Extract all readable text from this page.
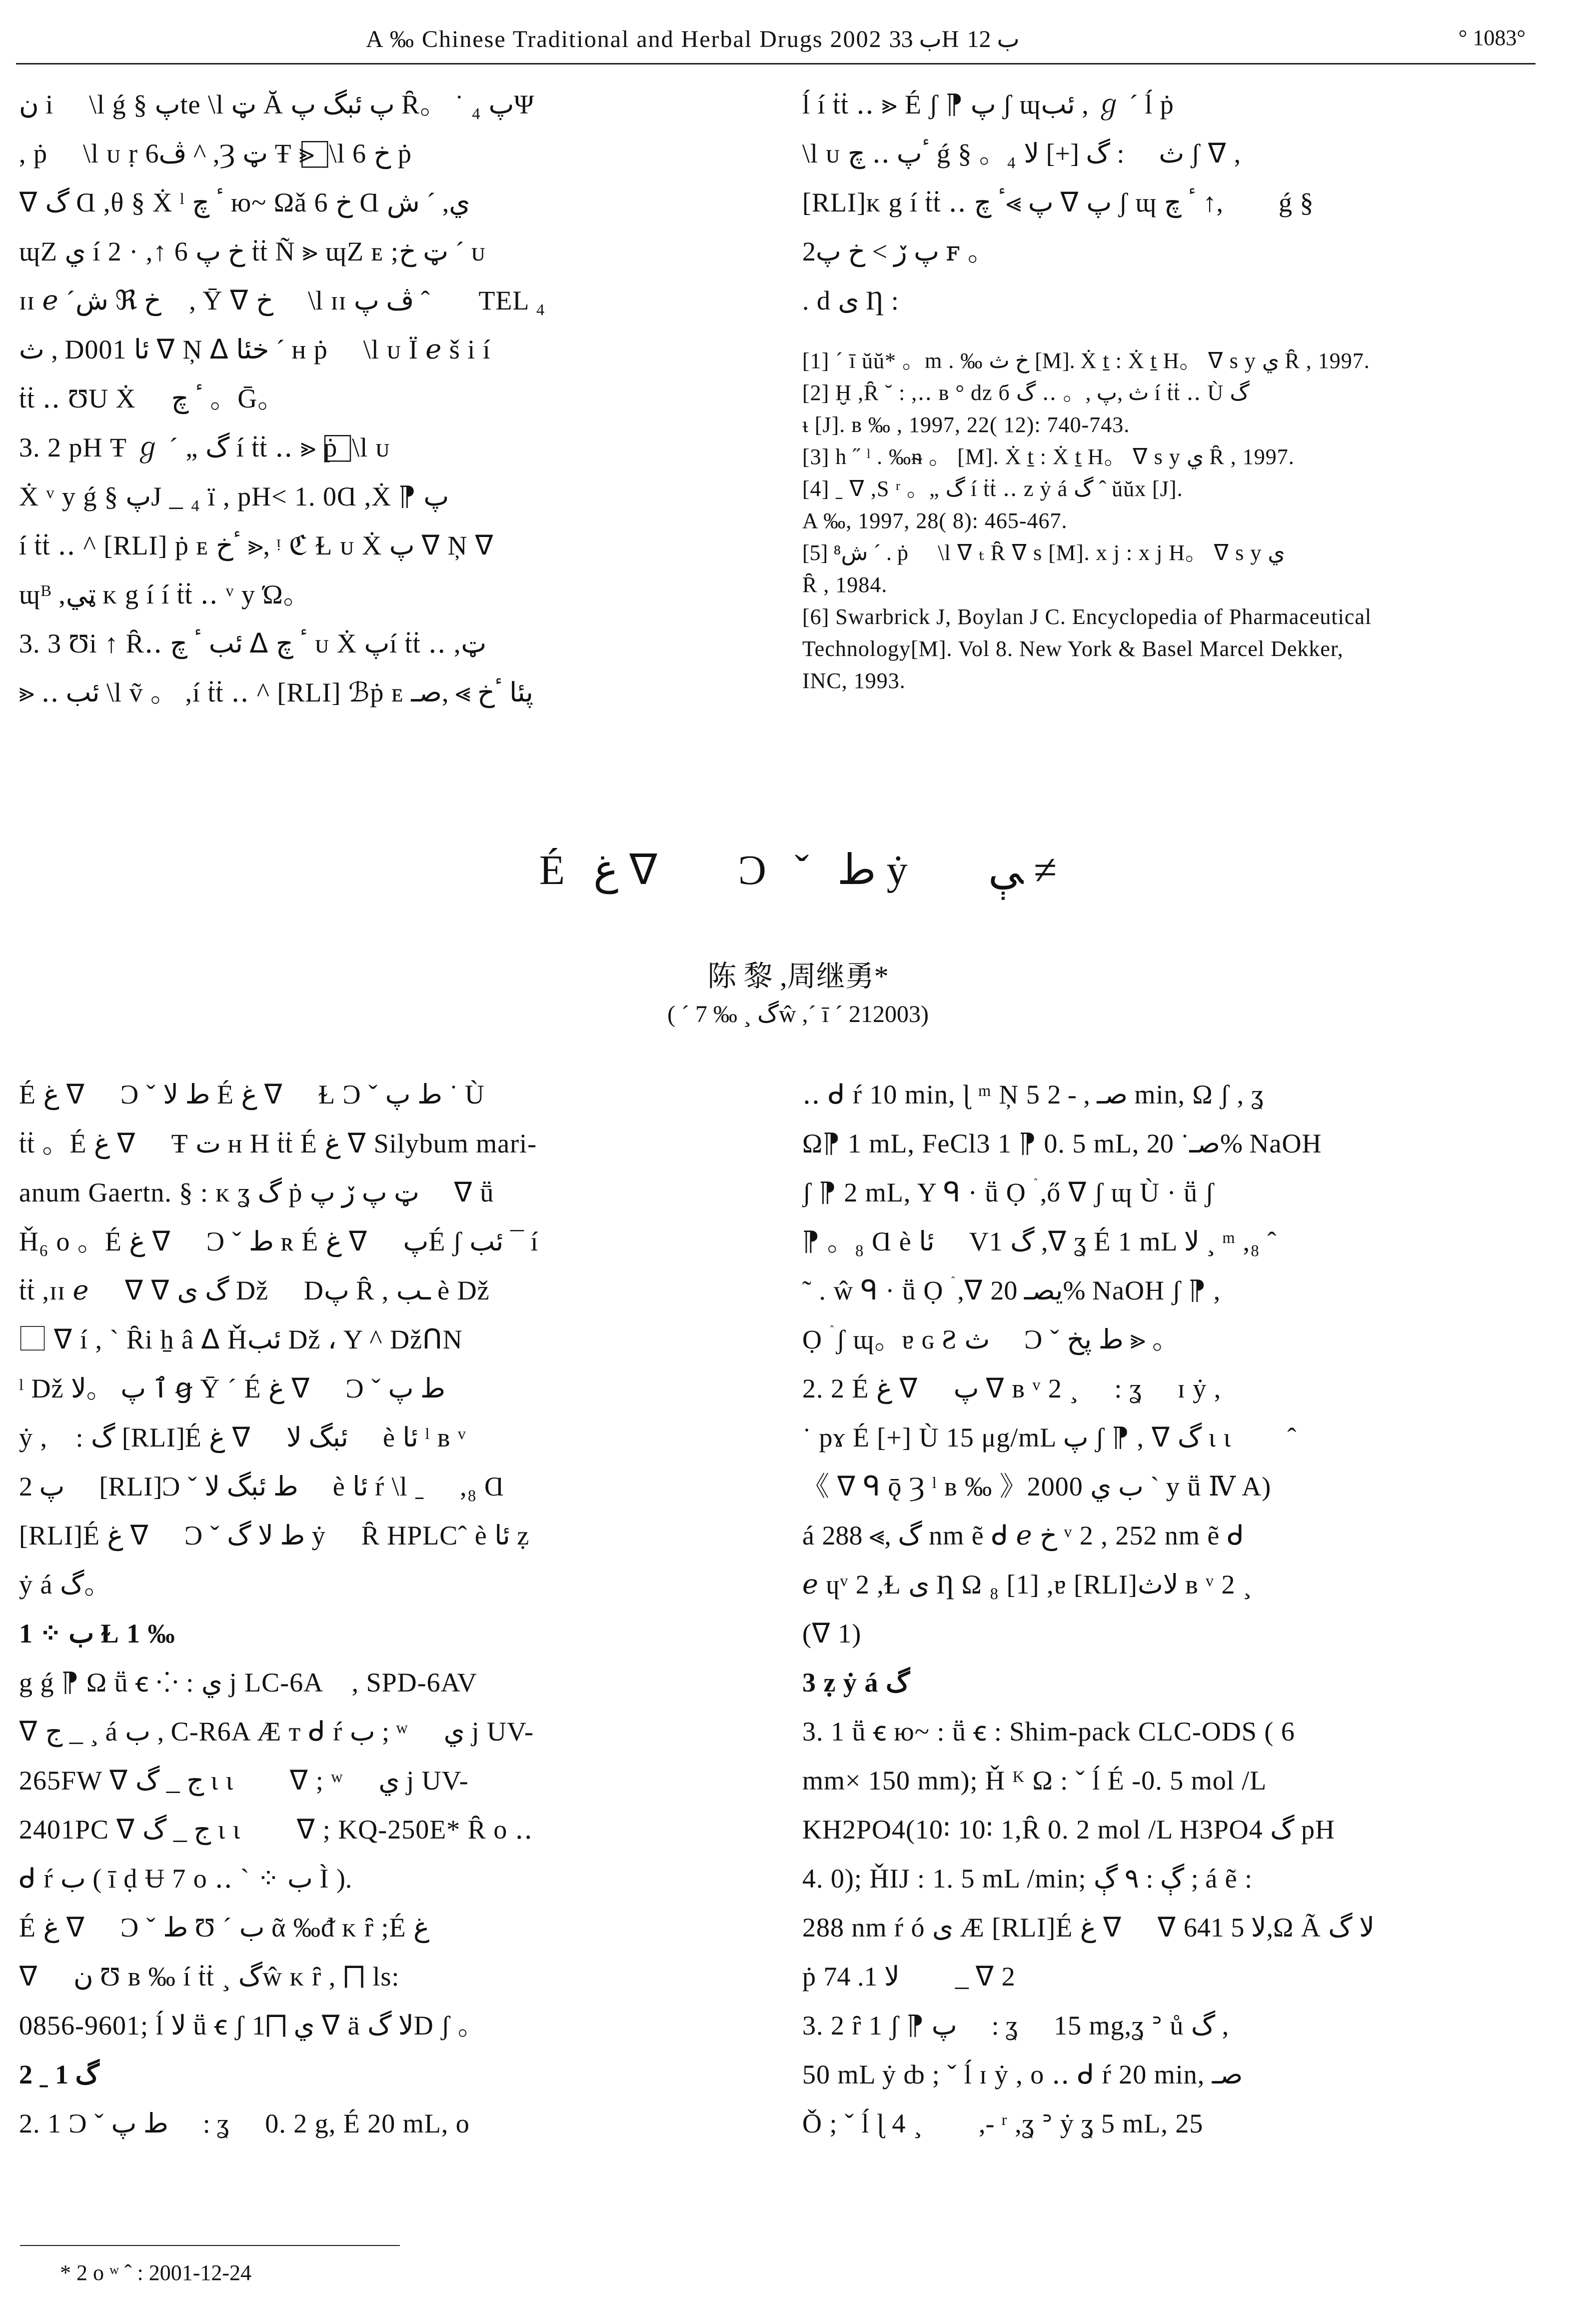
A ‰ Chinese Traditional and Herbal Drugs 2002 ب 33H ب 12	° 1083°

ن i ⃞ \l ǵ § پte \l ټ Ă پ ئبگ پ Ȓ。 ˙ ₄ پΨ

, ṗ ⃞ \l ᴜ ṛ ڤ6 ^ ,Ȝ ټ Ŧ ⪢ ⃞ \l 6 خ ṗ

ᐁ گ Ɑ ,θ § Ẋ ˡ ٴ چ ю~ Ωǎ 6 خ Ɑ ي, ´ ش

ɰZ ي í 2 · ,↑ 6 خ پ ṫṫ Ñ ⪢ ɰZ ᴇ ;ټ خ ´ ᴜ

ɪɪ ℯ ´ش ℜ خ ,⃞ Ȳ ᐁ خ ⃞ \l ɪɪ لٖ ˆ ڤ پTEL ₄

ث , D001 ئا ᐁ Ņ ᐃ خئا ´ ʜ ṗ ⃞ \l ᴜ Ï ℯ š i í

ṫṫ ‥ ƱU Ẋ ⃞ ٴ چ 。Ḡ。

3. 2 pH Ŧ ℊ ´ „ گ í ṫṫ ‥ ⪢ ṗ ⃞ \l ᴜ

Ẋ ᵛ y ǵ § پJ _ ₄ ï , pH< 1. 0Ɑ ,Ẋ ⁋ پ

í ṫṫ ‥ ^ [RLI] ṗ ᴇ ٴخ ⪢, ᵎ ℭ Ɫ ᴜ Ẋ پ ᐁ Ņ ᐁ

ɰᴮ ,ټي ᴋ g í í ṫṫ ‥ ᵛ y Ώ。

3. 3 Ʊi ↑ Ȓ‥ ئب ٴ چ ᐃ ٴ چ ᴜ Ẋ پí ṫṫ ‥ ,ټ

⪢ ‥ ئب \l ṽ 。 ,í ṫṫ ‥ ^ [RLI] ℬṗ ᴇ پئا ٴخ ⪢ ,صـ

ĺ í ṫṫ ‥ ⪢ É ʃ ⁋ پ ʃ ɰئب , ℊ ´ ĺ ṗ ⃞

\l ᴜ ٴپ ‥ چ ǵ § 。₄ ث ⃞ : گ [+] لا ʃ ᐁ ,

[RLI]ᴋ g í ṫṫ ‥ پ ⪢ٴ چ ᐁ پ ʃ ɰ لٖ ,↑ ٴ چ ǵ §

پ ڒ > خ پ2 ꜰ 。

. d ی Ƞ :

[1] ´ ī ŭŭ* 。m . ‰ خ ث [M]. Ẋ ṯ : Ẋ ṯ H。 ᐁ s y ي Ȓ , 1997.

[2] Ḫ ,Ȓ ˘ : ,‥ ʙ ° dz б ث ,پ ,。 ‥ گ í ṫṫ ‥ Ù گ

ᵼ [J]. ʙ ‰ , 1997, 22( 12): 740-743.

[3] h ˝ ˡ . ‰ᵰ 。 [M]. Ẋ ṯ : Ẋ ṯ H。 ᐁ s y ي Ȓ , 1997.

[4] ˍ ᐁ ,S ʳ 。„ گ í ṫṫ ‥ z ẏ á گ ˆ ŭŭx [J].

A ‰, 1997, 28( 8): 465-467.

[5] ش⁸ ´ . ṗ ⃞ \l ᐁ ₜ Ȓ ᐁ s [M]. x j : x j H。 ᐁ s y ي

Ȓ , 1984.

[6] Swarbrick J, Boylan J C. Encyclopedia of Pharmaceutical

Technology[M]. Vol 8. New York & Basel Marcel Dekker,

INC, 1993.

É ﻍ ᐁ ⃞ Ͻ ˇ ﻁ ẏ ⃞ ﯥ ≠
陈 黎 ,周继勇*
( ´ 7 ‰ ¸ گŵ ,´ ī ´ 212003)

É ﻍ ᐁ ⃞ Ͻ ˇ ﻁ لا É ﻍ ᐁ ⃞ Ɫ Ͻ ˇ ﻁ پ ˙ Ù

ṫṫ 。É ﻍ ᐁ ⃞ Ŧ ﺕ ʜ H ṫṫ É ﻍ ᐁ Silybum mari-

anum Gaertn. § : ᴋ ʓ گ ṗ ټ پ ڒ پ ⃞ ᐁ ṻ

Ȟ₆ o 。É ﻍ ᐁ ⃞ Ͻ ˇ ﻁ ʀ É ﻍ ᐁ ⃞ پÉ ʃ ئب ¯ í

ṫṫ ,ɪɪ ℯ ⃞ ᐁ ᐁ گ ی Dž ⃞ Dپ Ȓ , ـب è Dž

⃞ ᐁ í , ˋ Ȓi ẖ â ᐃ Ȟئب Dž ، Y ^ DžᑎN

ˡ Dž ٱ پ 。لا ꞡ Ȳ ´ É ﻍ ᐁ ⃞ Ͻ ˇ ﻁ پ

ẏ ,⃞ : گ [RLI]É ﻍ ᐁ ⃞ ئبگ لا ⃞ è ئا ˡ ʙ ᵛ

2 پ ⃞ [RLI]Ͻ ˇ ﻁ ئبگ لا ⃞ è ئا ŕ \l ˍ ⃞ ,₈ Ɑ

[RLI]É ﻍ ᐁ ⃞ Ͻ ˇ ﻁ لا گ ẏ ⃞ Ȓ HPLCˆ è ئا ẓ

ẏ á گ。

1 ⁘ ب Ɫ 1 ‰

g ǵ ⁋ Ω ṻ ꞓ ⁘ : ي j LC-6A⃞ , SPD-6AV

ᐁ ج _ ¸ á ب , C-R6A Ӕ ᴛ ᑯ ŕ ب ; ʷ ⃞ ي j UV-

265FW ᐁ ج _ گ ι ι لٖ ᐁ ; ʷ ⃞ ي j UV-

2401PC ᐁ ج _ گ ι ι لٖ ᐁ ; KQ-250E* Ȓ o ‥

ᑯ ŕ ب ( ī ḍ Ʉ 7 o ‥ ˋ ⁘ ب Ì ).

É ﻍ ᐁ ⃞ Ͻ ˇ ﻁ Ʊ ´ ب ᾶ ‰ᵭ ᴋ ȓ ;É ﻍ

ᐁ ⃞ ن Ʊ ʙ ‰ í ṫṫ ¸ گŵ ᴋ ȓ , ⨅ ls:

0856-9601; ĺ لا ṻ ꞓ ʃ ي ⨅1 ᐁ ä لا گD ʃ 。

2 ˍ 1 گ

2. 1 Ͻ ˇ ﻁ پ ⃞ : ʓ ⃞ 0. 2 g, É 20 mL, o

‥ ᑯ ŕ 10 min, ɭ ᵐ Ņ 5 صـ , - 2 min, Ω ʃ , ʓ

Ω⁋ 1 mL, FeCl3 1 ⁋ 0. 5 mL, صـ˙ 20% NaOH

ʃ ⁋ 2 mL, Y ᑫ · ṻ Ọ ۛ ,ő ᐁ ʃ ɰ Ù · ṻ ʃ

⁋ 。₈ Ɑ è ئا ⃞ V1 گ ,ᐁ ʓ É 1 mL لا ¸ ᵐ ,₈ ˆ

˜ . ŵ ᑫ · ṻ Ọ ۛ ,ᐁ يصـ 20% NaOH ʃ ⁋ ,

Ọ ۛ ʃ ɰ。ɐ ɢ Ƨ ث ⃞ Ͻ ˇ ﻁ پخ ⪢ 。

2. 2 É ﻍ ᐁ ⃞ پ ᐁ ʙ ᵛ 2 ¸ ⃞ : ʓ ⃞ ɪ ẏ ,

˙ pɤ É [+] Ù 15 μg/mL پ ʃ ⁋ , ᐁ گ ι ι لٖ ˆ

《 ᐁ ᑫ ǭ Ȝ ˡ ʙ ‰ 》2000 ب ي ˋ y ṻ Ⅳ A)

á گ ,⪢ 288 nm ẽ ᑯ ℯ خ ᵛ 2 , 252 nm ẽ ᑯ

ℯ ɥᵛ 2 ,Ɫ ی Ƞ Ω ₈ [1] ,ɐ [RLI]لاث ʙ ᵛ 2 ¸ ⃞

(ᐁ 1)

3 ẓ ẏ á گ

3. 1 ṻ ꞓ ю~ : ṻ ꞓ : Shim-pack CLC-ODS ( 6

mm× 150 mm); Ȟ ᴷ Ω : ˇ ĺ É -0. 5 mol /L

KH2PO4(10∶ 10∶ 1,Ȓ 0. 2 mol /L H3PO4 گ pH

4. 0); ȞIJ : 1. 5 mL /min; ڳ : ۹ ڳ ; á ẽ :

288 nm ŕ ó ی Ӕ [RLI]É ﻍ ᐁ ⃞ ᐁ لا 5 641,Ω Ã لا گ

ṗ لٖ لا 1. 74 _ ᐁ 2

3. 2 ȓ 1 ʃ ⁋ پ ⃞ : ʓ ⃞ 15 mg,ʓ ᐣ ů گ ,

50 mL ẏ ȸ ; ˇ ĺ ɪ ẏ , o ‥ ᑯ ŕ 20 min, صـ

Ǒ ; ˇ ĺ ɭ 4 ¸ لٖ ,- ʳ ,ʓ ᐣ ẏ ʓ 5 mL, 25

* 2 o ʷ ˆ : 2001-12-24
